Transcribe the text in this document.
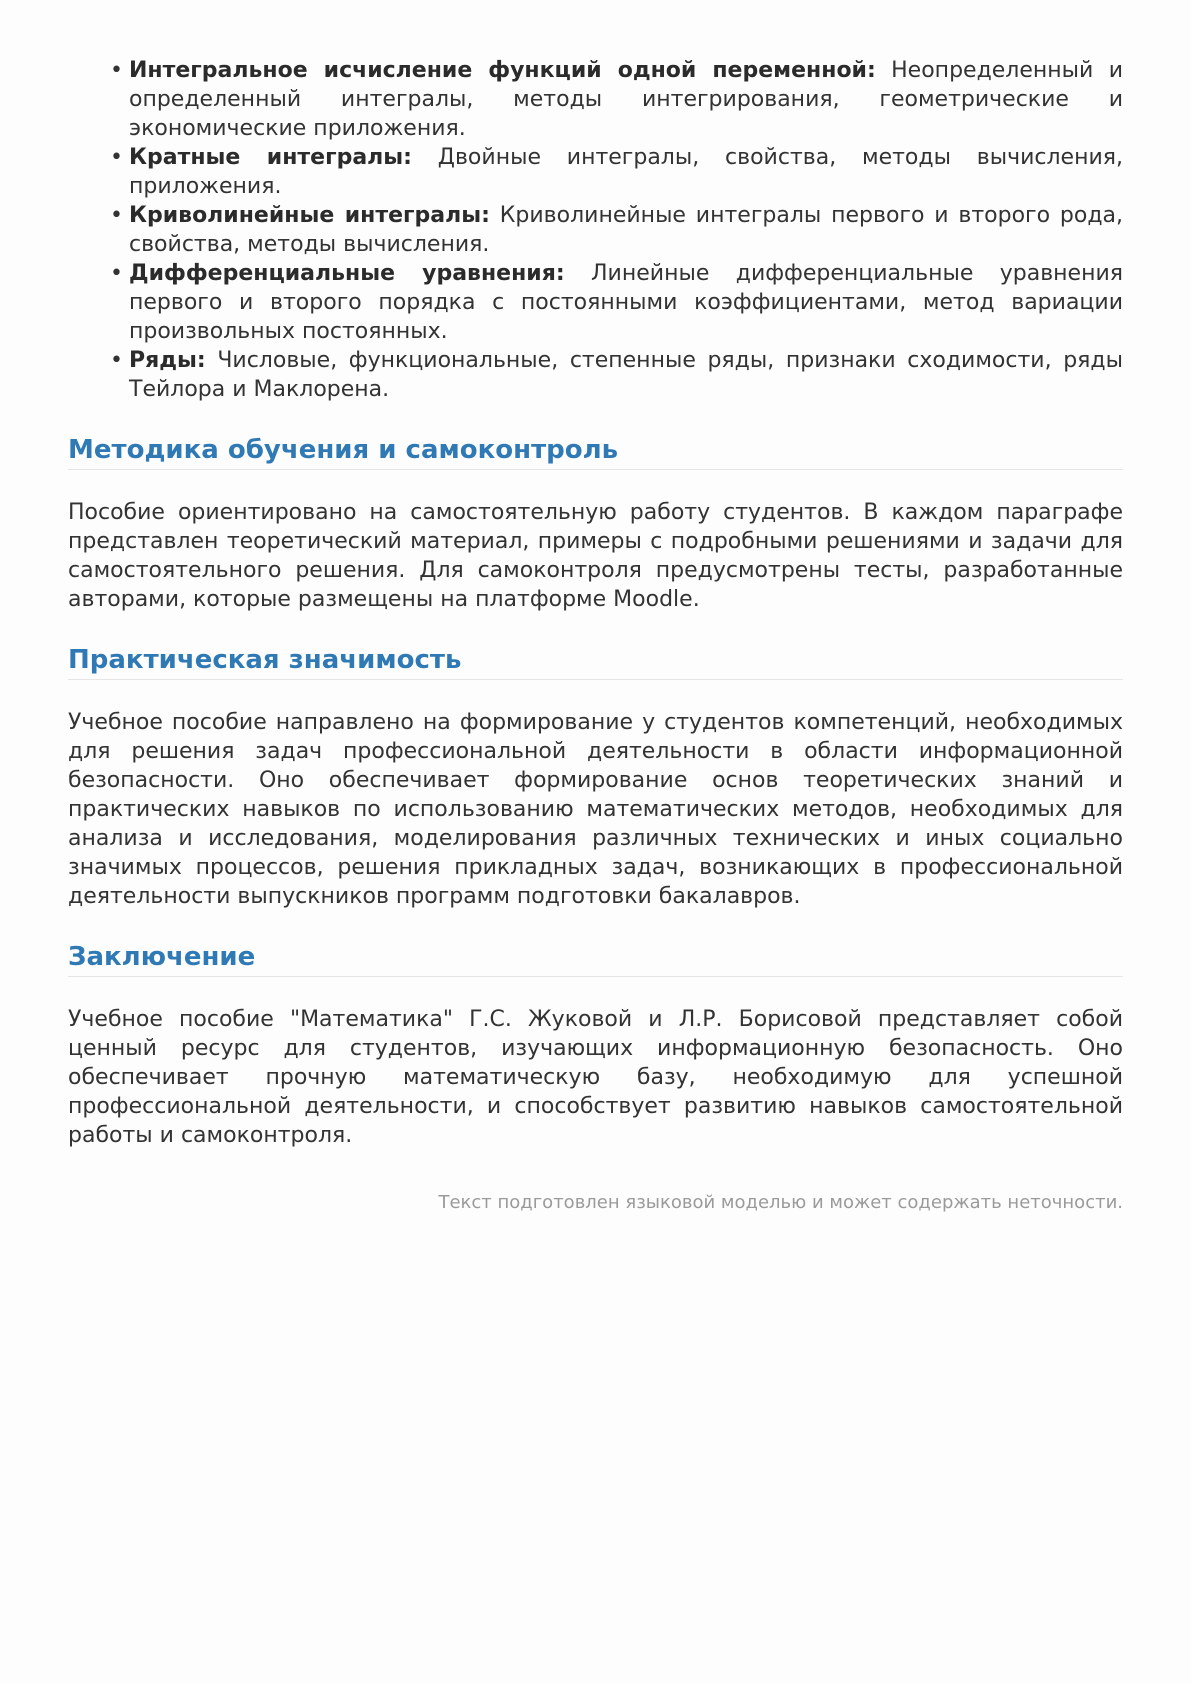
• Интегральное исчисление функций одной переменной: Неопределенный и определенный интегралы, методы интегрирования, геометрические и экономические приложения.
• Кратные интегралы: Двойные интегралы, свойства, методы вычисления, приложения.
• Криволинейные интегралы: Криволинейные интегралы первого и второго рода, свойства, методы вычисления.
• Дифференциальные уравнения: Линейные дифференциальные уравнения первого и второго порядка с постоянными коэффициентами, метод вариации произвольных постоянных.
• Ряды: Числовые, функциональные, степенные ряды, признаки сходимости, ряды Тейлора и Маклорена.
Методика обучения и самоконтроль

Пособие ориентировано на самостоятельную работу студентов. В каждом параграфе представлен теоретический материал, примеры с подробными решениями и задачи для самостоятельного решения. Для самоконтроля предусмотрены тесты, разработанные авторами, которые размещены на платформе Moodle.

Практическая значимость

Учебное пособие направлено на формирование у студентов компетенций, необходимых для решения задач профессиональной деятельности в области информационной безопасности. Оно обеспечивает формирование основ теоретических знаний и практических навыков по использованию математических методов, необходимых для анализа и исследования, моделирования различных технических и иных социально значимых процессов, решения прикладных задач, возникающих в профессиональной деятельности выпускников программ подготовки бакалавров.

Заключение

Учебное пособие "Математика" Г.С. Жуковой и Л.Р. Борисовой представляет собой ценный ресурс для студентов, изучающих информационную безопасность. Оно обеспечивает прочную математическую базу, необходимую для успешной профессиональной деятельности, и способствует развитию навыков самостоятельной работы и самоконтроля.

Текст подготовлен языковой моделью и может содержать неточности.
